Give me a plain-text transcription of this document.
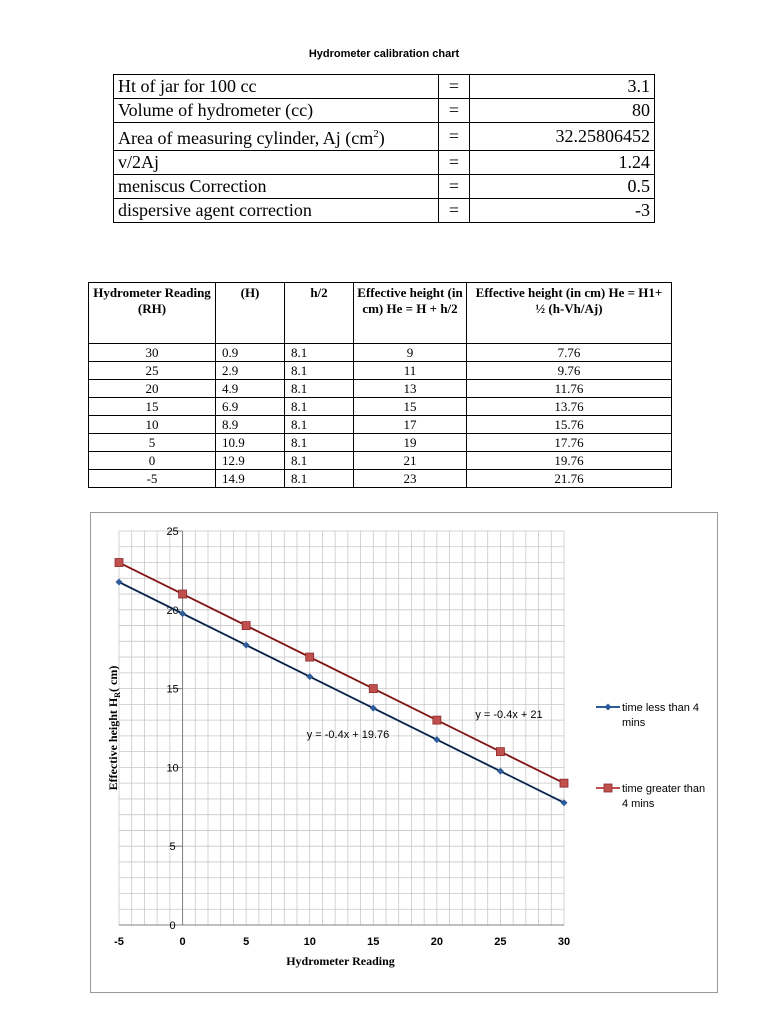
Hydrometer calibration chart
Ht of jar for 100 cc	=	3.1
Volume of hydrometer (cc)	=	80
Area of measuring cylinder, Aj $(cm^2)$	=	32.25806452
v/2Aj	=	1.24
meniscus Correction	=	0.5
dispersive agent correction	=	-3
Hydrometer Reading (RH)	(H)	h/2	Effective height (in cm) He = H + h/2	Effective height (in cm) He = H1+ ½ (h-Vh/Aj)
30	0.9	8.1	9	7.76
25	2.9	8.1	11	9.76
20	4.9	8.1	13	11.76
15	6.9	8.1	15	13.76
10	8.9	8.1	17	15.76
5	10.9	8.1	19	17.76
0	12.9	8.1	21	19.76
-5	14.9	8.1	23	21.76
0
5
10
15
20
25
-5	0	5	10	15	20	25	30
Hydrometer Reading
Effective height $H_R$( cm)
y = -0.4x + 19.76
y = -0.4x + 21
time less than 4
mins
time greater than
4 mins
